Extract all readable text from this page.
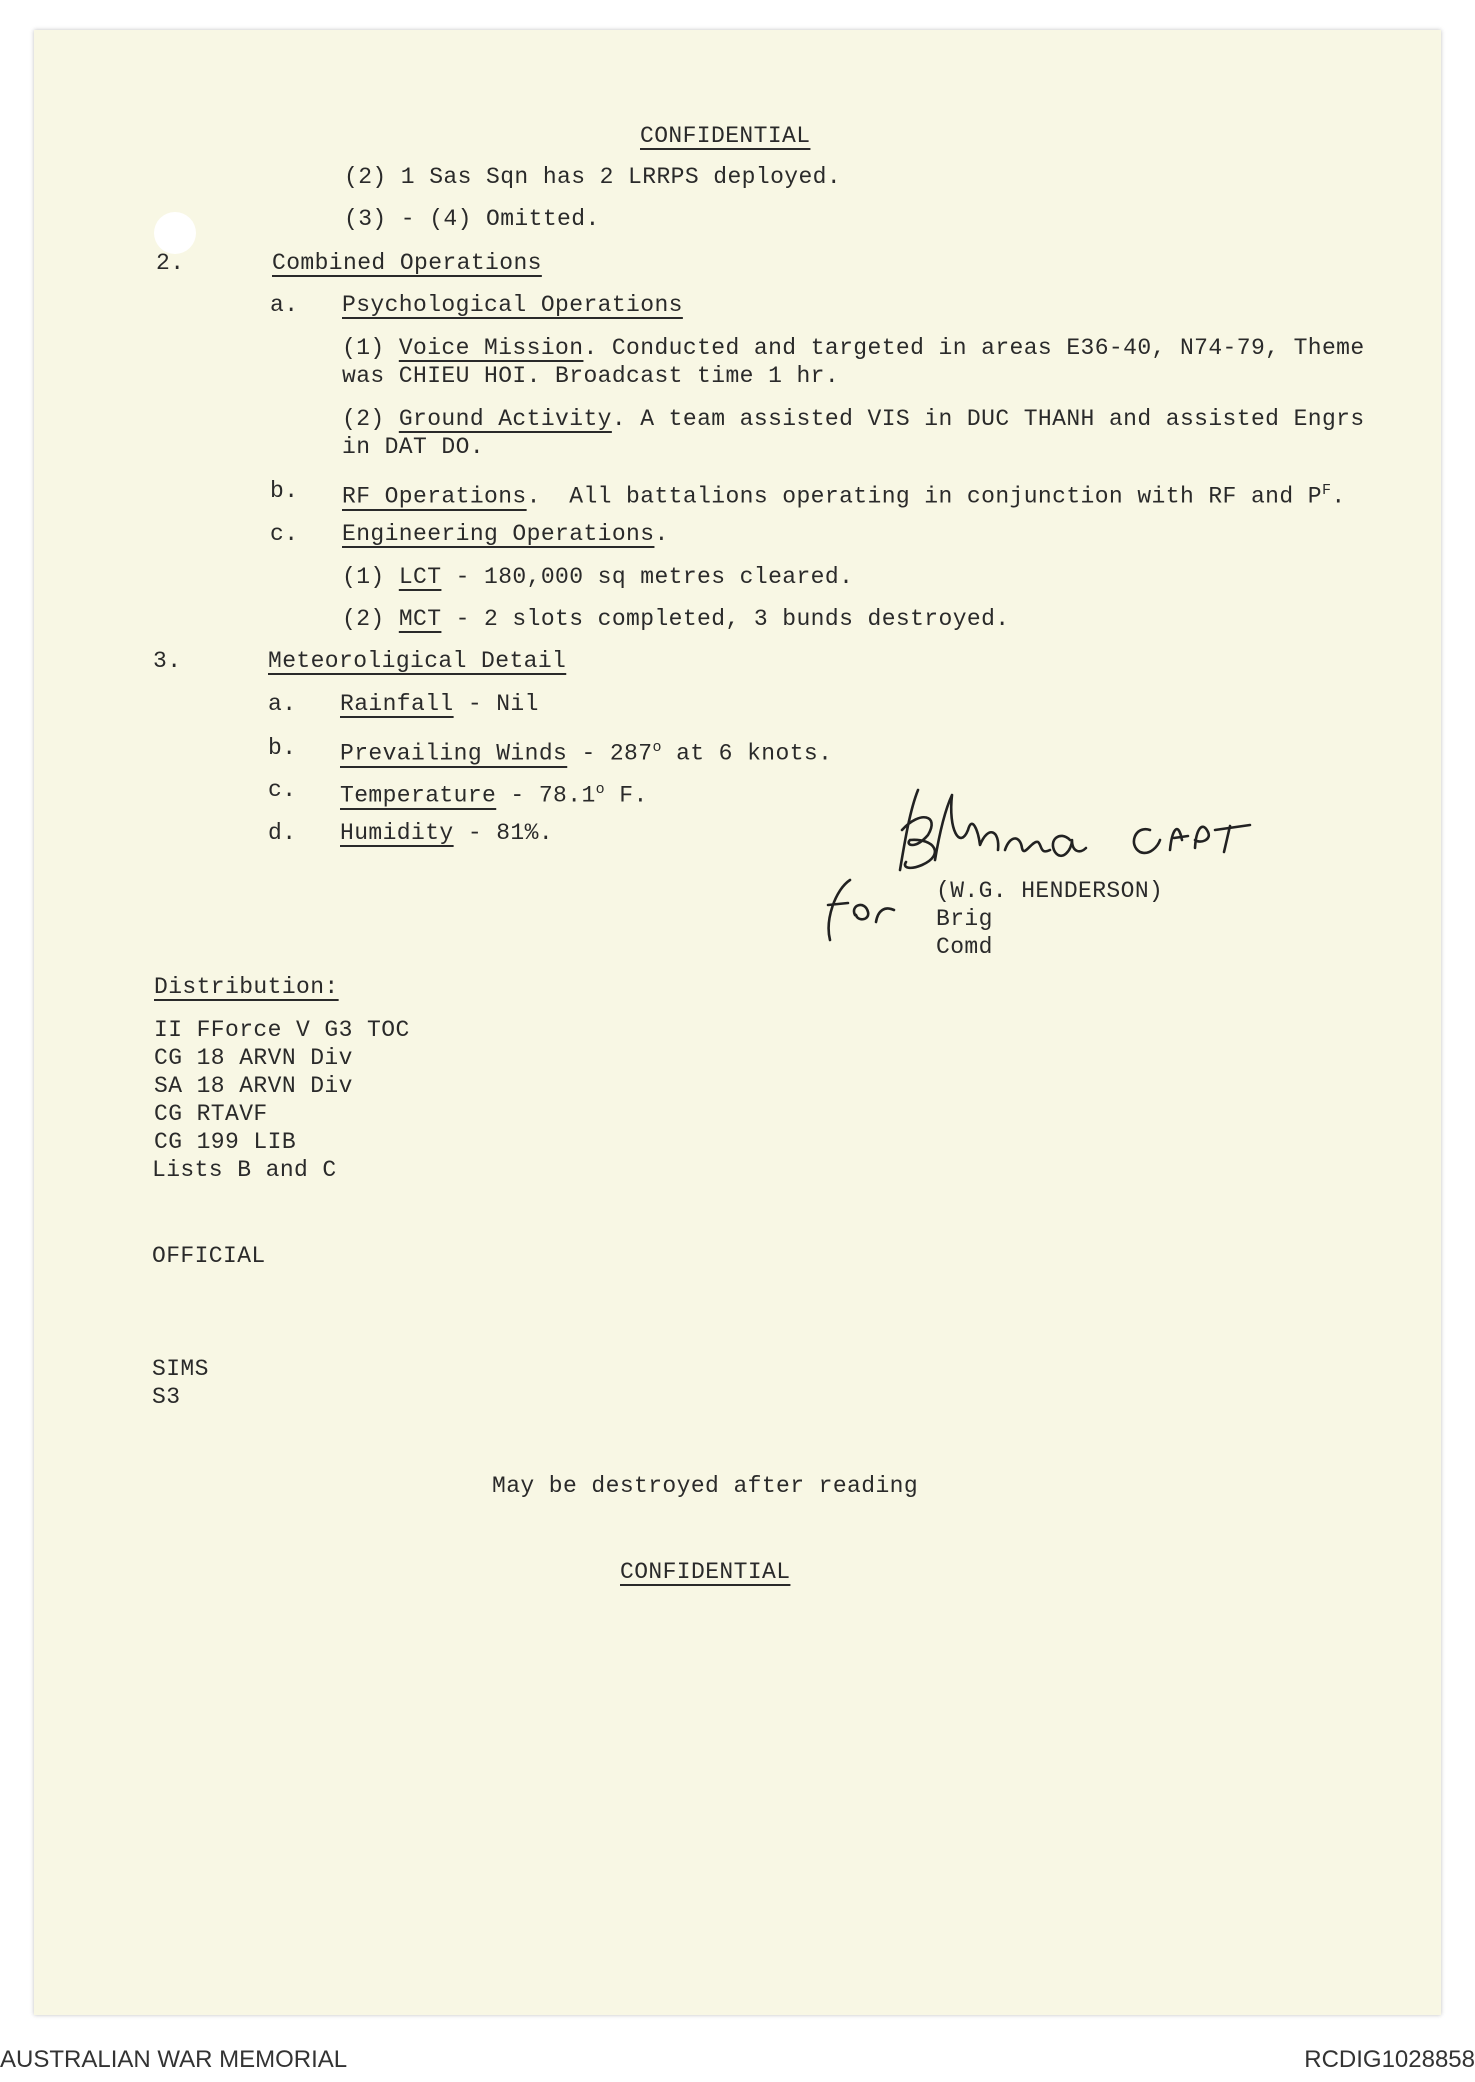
CONFIDENTIAL
(2) 1 Sas Sqn has 2 LRRPS deployed.
(3) - (4) Omitted.
2.	Combined Operations
a. Psychological Operations
(1) Voice Mission. Conducted and targeted in areas E36-40, N74-79, Theme
was CHIEU HOI. Broadcast time 1 hr.
(2) Ground Activity. A team assisted VIS in DUC THANH and assisted Engrs
in DAT DO.
b. RF Operations.  All battalions operating in conjunction with RF and $P^F$.
c. Engineering Operations.
(1) LCT - 180,000 sq metres cleared.
(2) MCT - 2 slots completed, 3 bunds destroyed.
3.	Meteoroligical Detail
a. Rainfall - Nil
b. Prevailing Winds - 287$^o$ at 6 knots.
c. Temperature - 78.1$^o$ F.
d. Humidity - 81%.
(W.G. HENDERSON)
Brig
Comd
Distribution:
II FForce V G3 TOC
CG 18 ARVN Div
SA 18 ARVN Div
CG RTAVF
CG 199 LIB
Lists B and C
OFFICIAL
SIMS
S3
May be destroyed after reading
CONFIDENTIAL
AUSTRALIAN WAR MEMORIAL	RCDIG1028858
